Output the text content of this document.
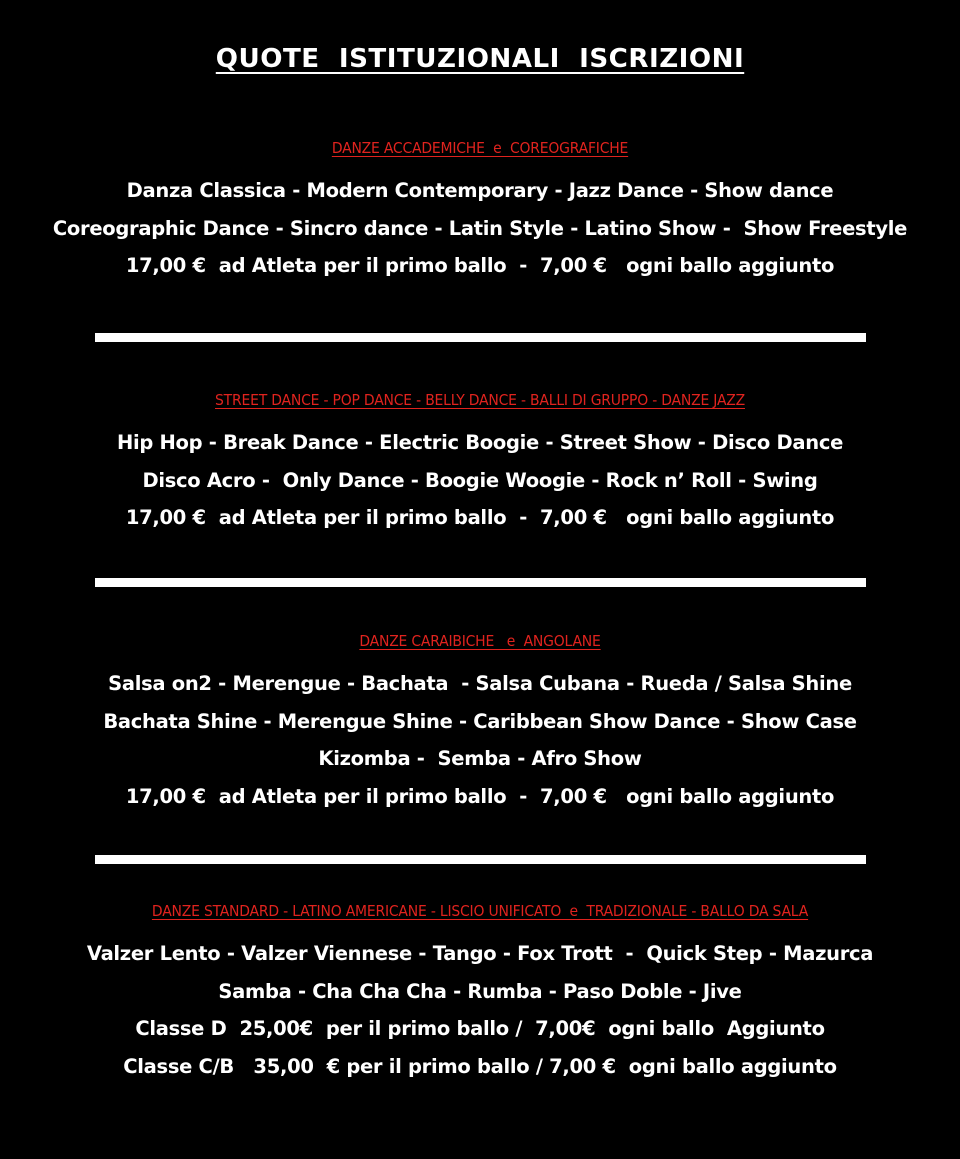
QUOTE  ISTITUZIONALI  ISCRIZIONI
DANZE ACCADEMICHE  e  COREOGRAFICHE
Danza Classica - Modern Contemporary - Jazz Dance - Show dance
Coreographic Dance - Sincro dance - Latin Style - Latino Show -  Show Freestyle
17,00 €  ad Atleta per il primo ballo  -  7,00 €   ogni ballo aggiunto
STREET DANCE - POP DANCE - BELLY DANCE - BALLI DI GRUPPO - DANZE JAZZ
Hip Hop - Break Dance - Electric Boogie - Street Show - Disco Dance
Disco Acro -  Only Dance - Boogie Woogie - Rock n’ Roll - Swing
17,00 €  ad Atleta per il primo ballo  -  7,00 €   ogni ballo aggiunto
DANZE CARAIBICHE   e  ANGOLANE
Salsa on2 - Merengue - Bachata  - Salsa Cubana - Rueda / Salsa Shine
Bachata Shine - Merengue Shine - Caribbean Show Dance - Show Case
Kizomba -  Semba - Afro Show
17,00 €  ad Atleta per il primo ballo  -  7,00 €   ogni ballo aggiunto
DANZE STANDARD - LATINO AMERICANE - LISCIO UNIFICATO  e  TRADIZIONALE - BALLO DA SALA
Valzer Lento - Valzer Viennese - Tango - Fox Trott  -  Quick Step - Mazurca
Samba - Cha Cha Cha - Rumba - Paso Doble - Jive
Classe D  25,00€  per il primo ballo /  7,00€  ogni ballo  Aggiunto
Classe C/B   35,00  € per il primo ballo / 7,00 €  ogni ballo aggiunto
